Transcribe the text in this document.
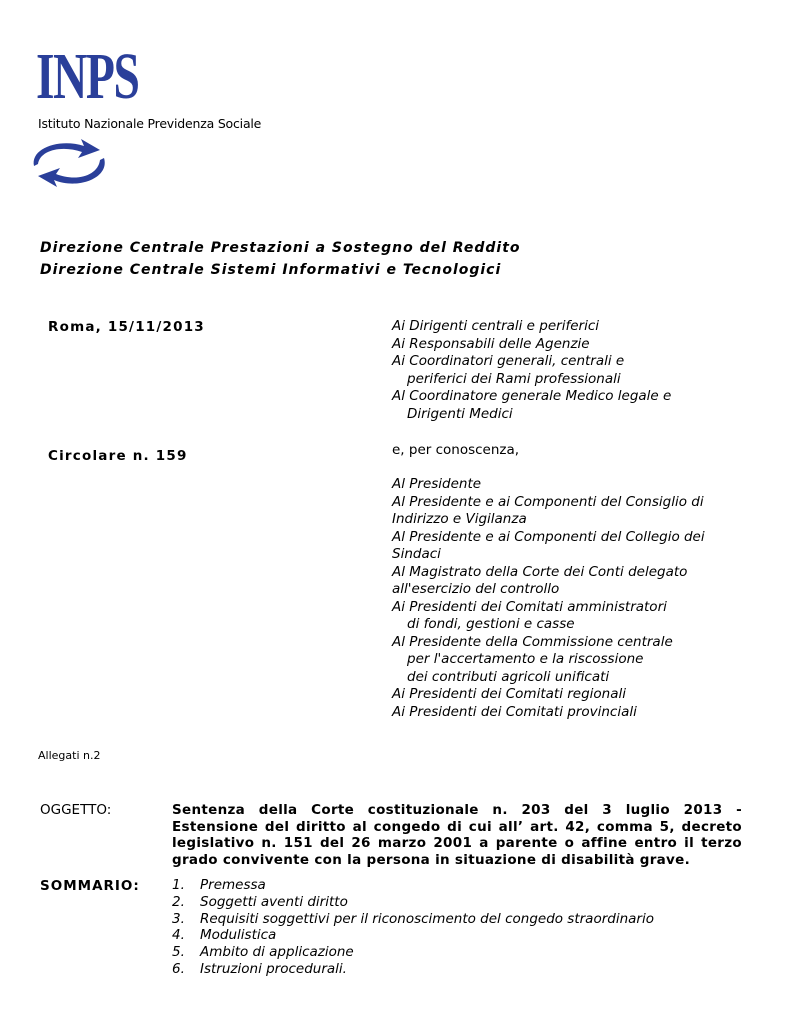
INPS
Istituto Nazionale Previdenza Sociale
Direzione Centrale Prestazioni a Sostegno del Reddito
Direzione Centrale Sistemi Informativi e Tecnologici
Roma, 15/11/2013
Circolare n. 159
Ai Dirigenti centrali e periferici
Ai Responsabili delle Agenzie
Ai Coordinatori generali, centrali e
periferici dei Rami professionali
Al Coordinatore generale Medico legale e
Dirigenti Medici
e, per conoscenza,
Al Presidente
Al Presidente e ai Componenti del Consiglio di
Indirizzo e Vigilanza
Al Presidente e ai Componenti del Collegio dei
Sindaci
Al Magistrato della Corte dei Conti delegato
all'esercizio del controllo
Ai Presidenti dei Comitati amministratori
di fondi, gestioni e casse
Al Presidente della Commissione centrale
per l'accertamento e la riscossione
dei contributi agricoli unificati
Ai Presidenti dei Comitati regionali
Ai Presidenti dei Comitati provinciali
Allegati n.2
OGGETTO:	Sentenza della Corte costituzionale n. 203 del 3 luglio 2013 - Estensione del diritto al congedo di cui all’ art. 42, comma 5, decreto legislativo n. 151 del 26 marzo 2001 a parente o affine entro il terzo grado convivente con la persona in situazione di disabilità grave.
SOMMARIO: 1. Premessa
2. Soggetti aventi diritto
3. Requisiti soggettivi per il riconoscimento del congedo straordinario
4. Modulistica
5. Ambito di applicazione
6. Istruzioni procedurali.
